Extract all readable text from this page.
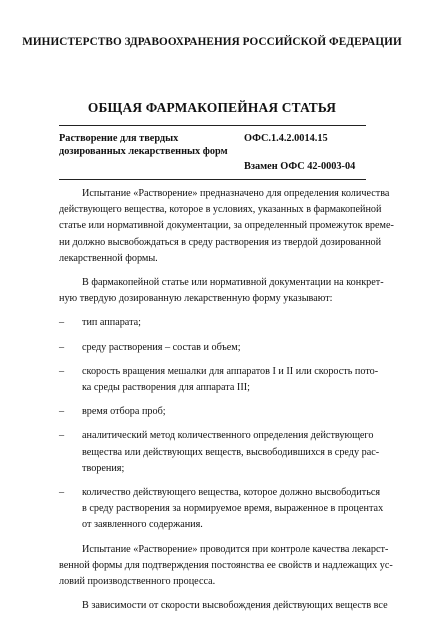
МИНИСТЕРСТВО ЗДРАВООХРАНЕНИЯ РОССИЙСКОЙ ФЕДЕРАЦИИ
ОБЩАЯ ФАРМАКОПЕЙНАЯ СТАТЬЯ
Растворение для твердых
дозированных лекарственных форм
ОФС.1.4.2.0014.15
Взамен ОФС 42-0003-04
Испытание «Растворение» предназначено для определения количества
действующего вещества, которое в условиях, указанных в фармакопейной
статье или нормативной документации, за определенный промежуток време-
ни должно высвобождаться в среду растворения из твердой дозированной
лекарственной формы.
В фармакопейной статье или нормативной документации на конкрет-
ную твердую дозированную лекарственную форму указывают:
– тип аппарата;
– среду растворения – состав и объем;
– скорость вращения мешалки для аппаратов I и II или скорость пото-
ка среды растворения для аппарата III;
– время отбора проб;
– аналитический метод количественного определения действующего
вещества или действующих веществ, высвободившихся в среду рас-
творения;
– количество действующего вещества, которое должно высвободиться
в среду растворения за нормируемое время, выраженное в процентах
от заявленного содержания.
Испытание «Растворение» проводится при контроле качества лекарст-
венной формы для подтверждения постоянства ее свойств и надлежащих ус-
ловий производственного процесса.
В зависимости от скорости высвобождения действующих веществ все
